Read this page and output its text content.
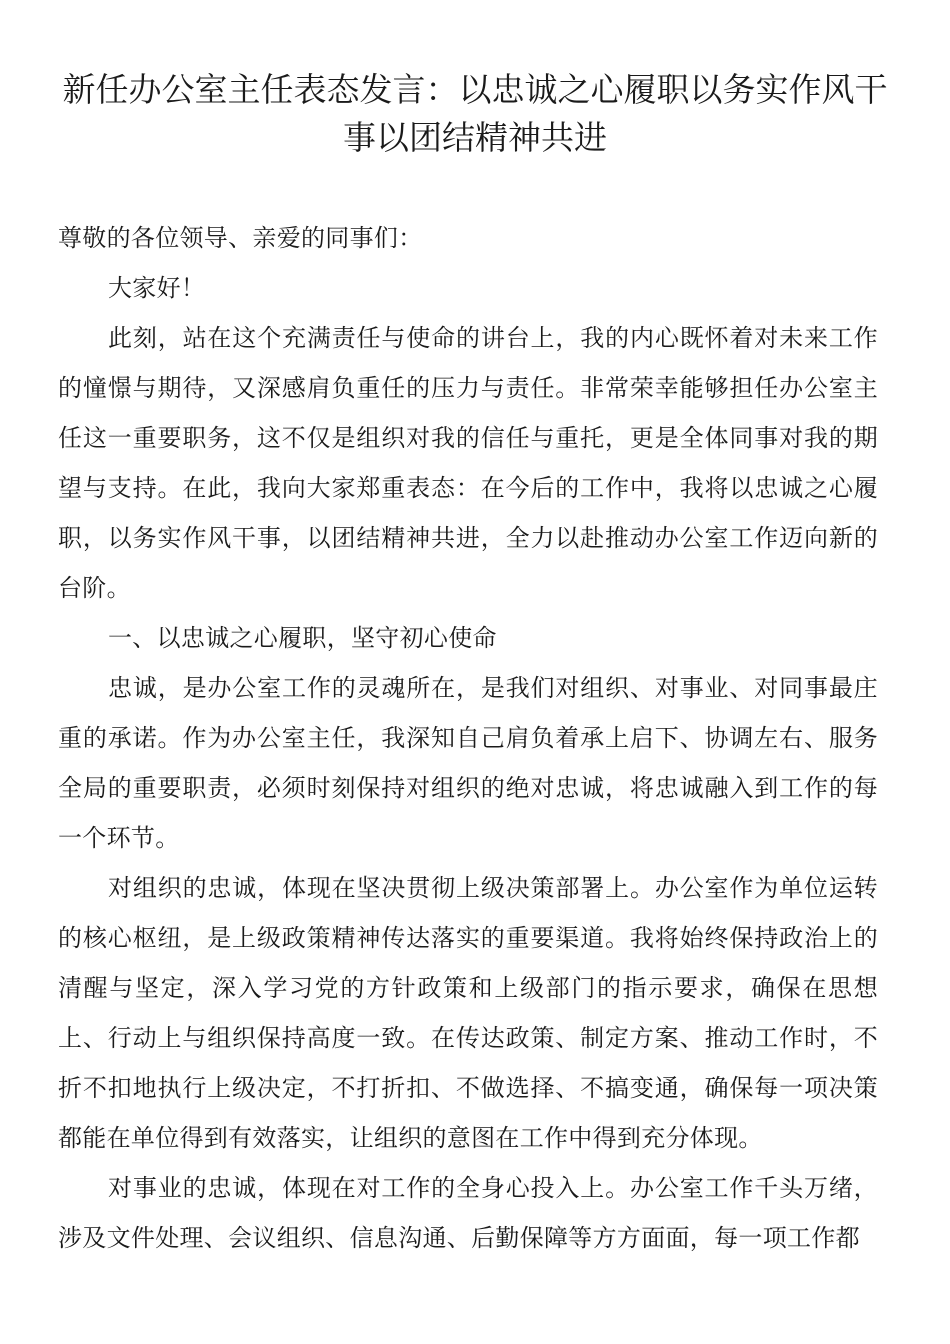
新任办公室主任表态发言：以忠诚之心履职以务实作风干事以团结精神共进

尊敬的各位领导、亲爱的同事们：

大家好！

此刻，站在这个充满责任与使命的讲台上，我的内心既怀着对未来工作的憧憬与期待，又深感肩负重任的压力与责任。非常荣幸能够担任办公室主任这一重要职务，这不仅是组织对我的信任与重托，更是全体同事对我的期望与支持。在此，我向大家郑重表态：在今后的工作中，我将以忠诚之心履职，以务实作风干事，以团结精神共进，全力以赴推动办公室工作迈向新的台阶。

一、以忠诚之心履职，坚守初心使命

忠诚，是办公室工作的灵魂所在，是我们对组织、对事业、对同事最庄重的承诺。作为办公室主任，我深知自己肩负着承上启下、协调左右、服务全局的重要职责，必须时刻保持对组织的绝对忠诚，将忠诚融入到工作的每一个环节。

对组织的忠诚，体现在坚决贯彻上级决策部署上。办公室作为单位运转的核心枢纽，是上级政策精神传达落实的重要渠道。我将始终保持政治上的清醒与坚定，深入学习党的方针政策和上级部门的指示要求，确保在思想上、行动上与组织保持高度一致。在传达政策、制定方案、推动工作时，不折不扣地执行上级决定，不打折扣、不做选择、不搞变通，确保每一项决策都能在单位得到有效落实，让组织的意图在工作中得到充分体现。

对事业的忠诚，体现在对工作的全身心投入上。办公室工作千头万绪，涉及文件处理、会议组织、信息沟通、后勤保障等方方面面，每一项工作都
